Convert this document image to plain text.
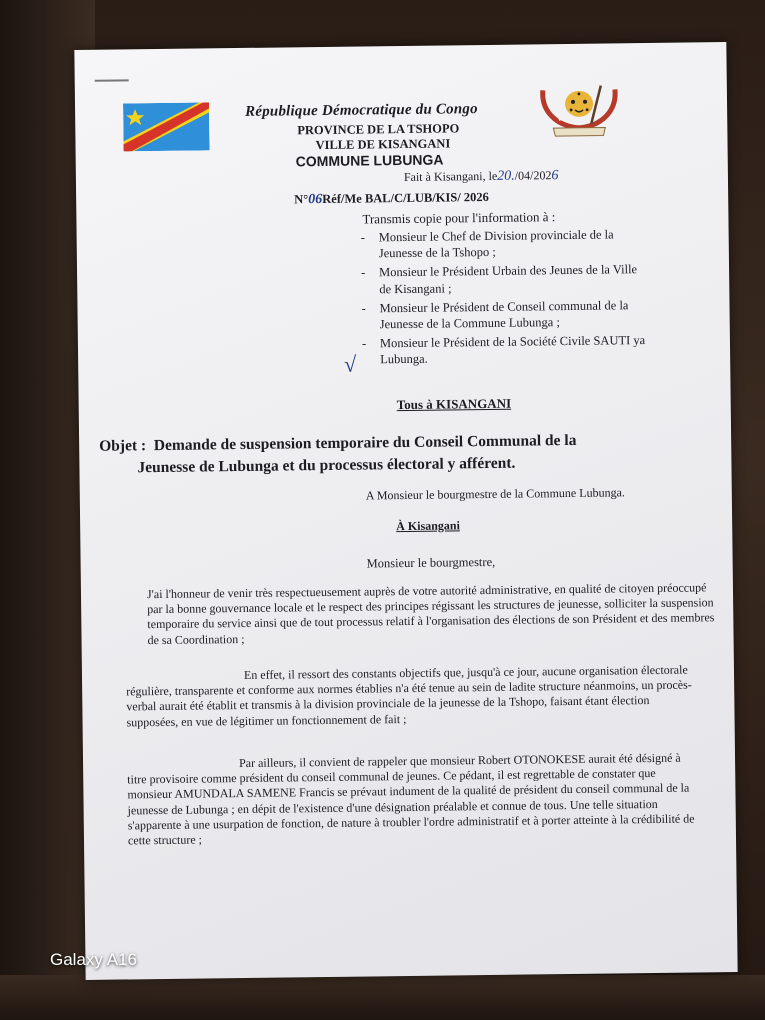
République Démocratique du Congo
PROVINCE DE LA TSHOPO
VILLE DE KISANGANI
COMMUNE LUBUNGA
Fait à Kisangani, le20./04/2026
N°06Réf/Me BAL/C/LUB/KIS/ 2026
Transmis copie pour l'information à :
- Monsieur le Chef de Division provinciale de la Jeunesse de la Tshopo ;
- Monsieur le Président Urbain des Jeunes de la Ville de Kisangani ;
- Monsieur le Président de Conseil communal de la Jeunesse de la Commune Lubunga ;
- Monsieur le Président de la Société Civile SAUTI ya Lubunga.
√
Tous à KISANGANI
Objet :  Demande de suspension temporaire du Conseil Communal de la
Jeunesse de Lubunga et du processus électoral y afférent.
A Monsieur le bourgmestre de la Commune Lubunga.
À Kisangani
Monsieur le bourgmestre,

J'ai l'honneur de venir très respectueusement auprès de votre autorité administrative, en qualité de citoyen préoccupé par la bonne gouvernance locale et le respect des principes régissant les structures de jeunesse, solliciter la suspension temporaire du service ainsi que de tout processus relatif à l'organisation des élections de son Président et des membres de sa Coordination ;

En effet, il ressort des constants objectifs que, jusqu'à ce jour, aucune organisation électorale régulière, transparente et conforme aux normes établies n'a été tenue au sein de ladite structure néanmoins, un procès-verbal aurait été établit et transmis à la division provinciale de la jeunesse de la Tshopo, faisant étant élection supposées, en vue de légitimer un fonctionnement de fait ;

Par ailleurs, il convient de rappeler que monsieur Robert OTONOKESE aurait été désigné à titre provisoire comme président du conseil communal de jeunes. Ce pédant, il est regrettable de constater que monsieur AMUNDALA SAMENE Francis se prévaut indument de la qualité de président du conseil communal de la jeunesse de Lubunga ; en dépit de l'existence d'une désignation préalable et connue de tous. Une telle situation s'apparente à une usurpation de fonction, de nature à troubler l'ordre administratif et à porter atteinte à la crédibilité de cette structure ;

Galaxy A16
